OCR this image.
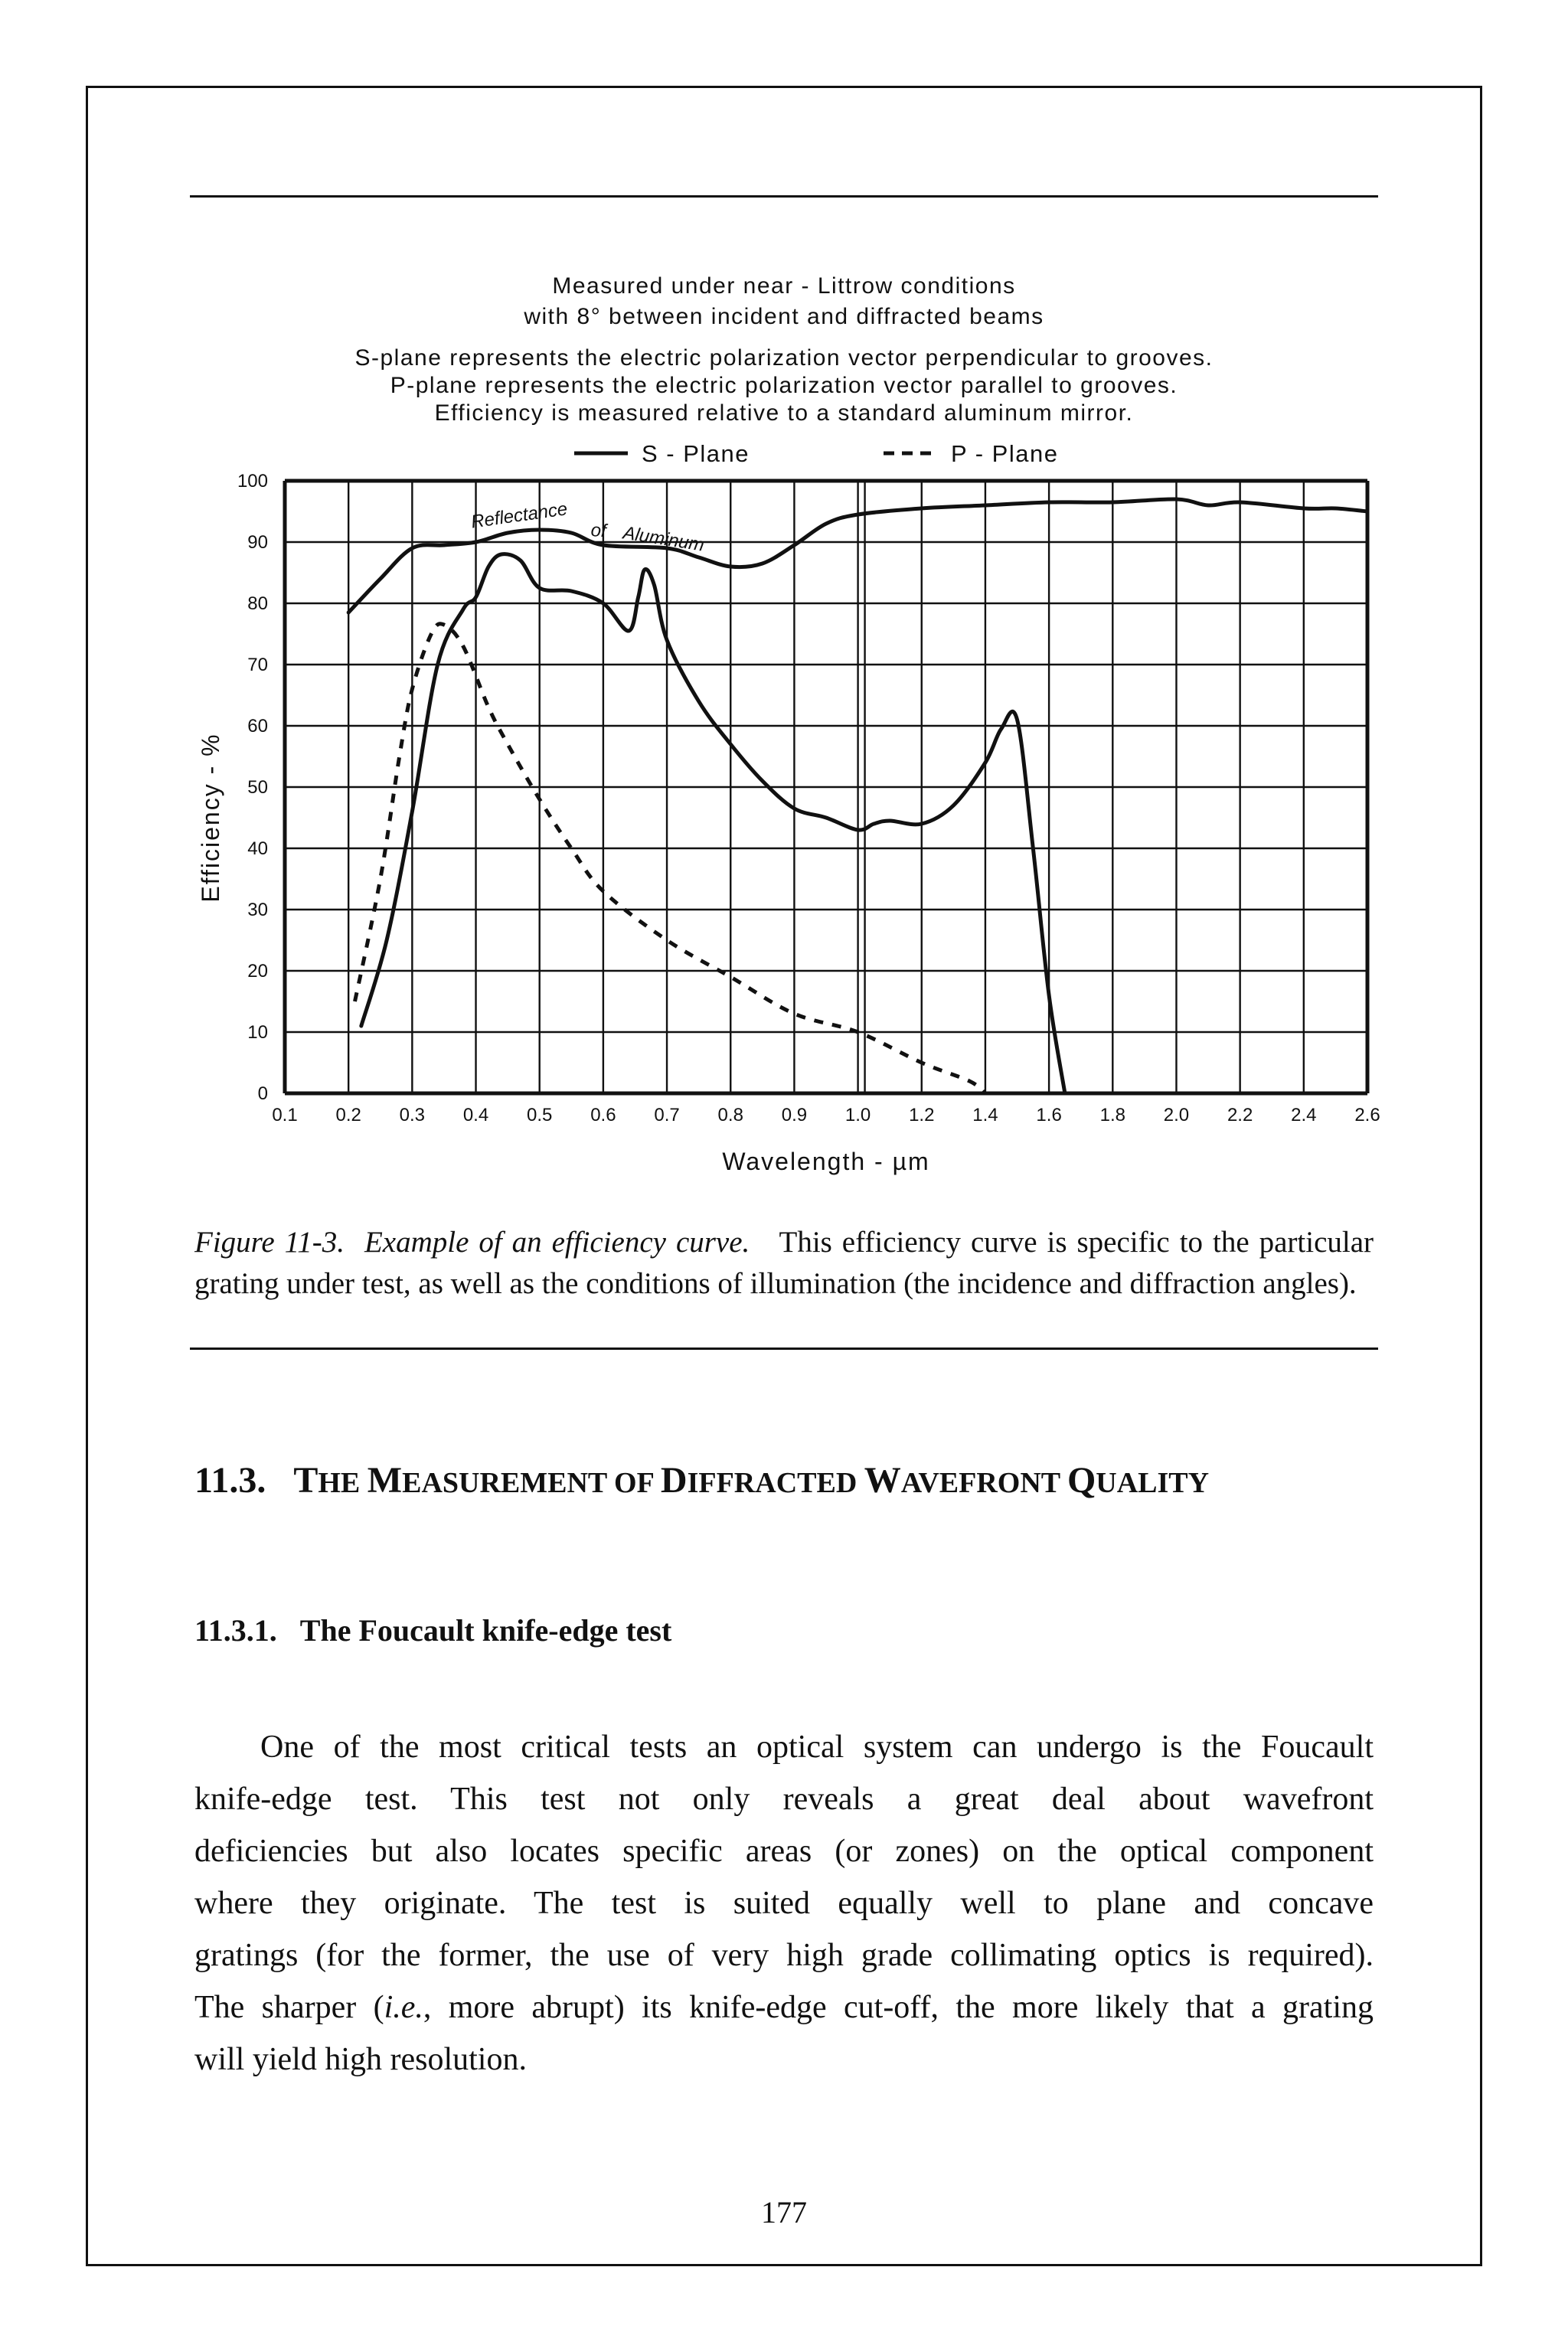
Measured under near - Littrow conditions
with 8° between incident and diffracted beams
S-plane represents the electric polarization vector perpendicular to grooves.
P-plane represents the electric polarization vector parallel to grooves.
Efficiency is measured relative to a standard aluminum mirror.
0.1 0.2 0.3 0.4 0.5 0.6 0.7 0.8 0.9 1.0 1.2 1.4 1.6 1.8 2.0 2.2 2.4 2.6
0
10
20
30
40
50
60
70
80
90
100
Wavelength - µm
Efficiency - %
S - Plane	P - Plane
Reflectance of Aluminum
Figure 11-3. Example of an efficiency curve. This efficiency curve is specific to the particular grating under test, as well as the conditions of illumination (the incidence and diffraction angles).
11.3. THE MEASUREMENT OF DIFFRACTED WAVEFRONT QUALITY
11.3.1. The Foucault knife-edge test
One of the most critical tests an optical system can undergo is the Foucault
knife-edge test. This test not only reveals a great deal about wavefront
deficiencies but also locates specific areas (or zones) on the optical component
where they originate. The test is suited equally well to plane and concave
gratings (for the former, the use of very high grade collimating optics is required).
The sharper (i.e., more abrupt) its knife-edge cut-off, the more likely that a grating
will yield high resolution.
177
